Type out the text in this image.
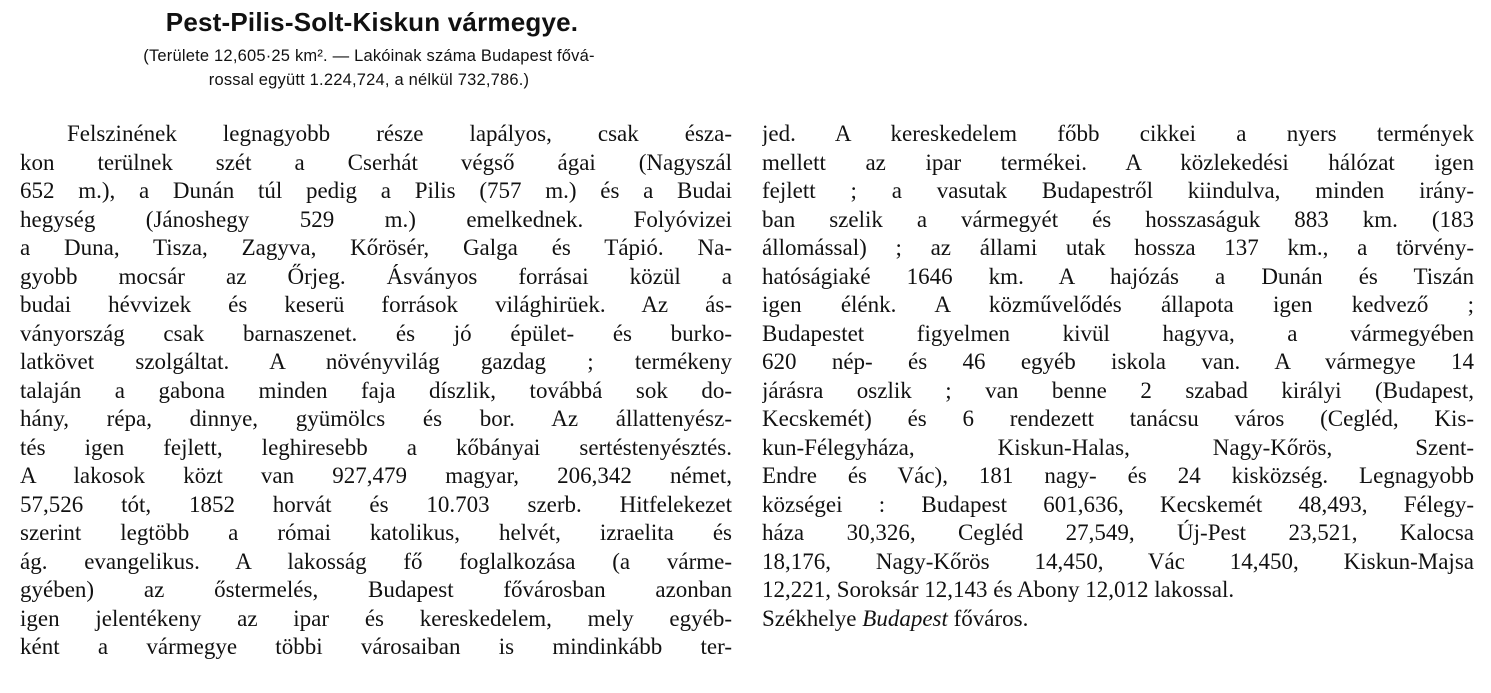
Pest-Pilis-Solt-Kiskun vármegye.
(Területe 12,605·25 km². — Lakóinak száma Budapest fővá-
rossal együtt 1.224,724, a nélkül 732,786.)
Felszinének legnagyobb része lapályos, csak észa-
kon terülnek szét a Cserhát végső ágai (Nagyszál
652 m.), a Dunán túl pedig a Pilis (757 m.) és a Budai
hegység (Jánoshegy 529 m.) emelkednek. Folyóvizei
a Duna, Tisza, Zagyva, Kőrösér, Galga és Tápió. Na-
gyobb mocsár az Őrjeg. Ásványos forrásai közül a
budai hévvizek és keserü források világhirüek. Az ás-
ványország csak barnaszenet. és jó épület- és burko-
latkövet szolgáltat. A növényvilág gazdag ; termékeny
talaján a gabona minden faja díszlik, továbbá sok do-
hány, répa, dinnye, gyümölcs és bor. Az állattenyész-
tés igen fejlett, leghiresebb a kőbányai sertéstenyésztés.
A lakosok közt van 927,479 magyar, 206,342 német,
57,526 tót, 1852 horvát és 10.703 szerb. Hitfelekezet
szerint legtöbb a római katolikus, helvét, izraelita és
ág. evangelikus. A lakosság fő foglalkozása (a várme-
gyében) az őstermelés, Budapest fővárosban azonban
igen jelentékeny az ipar és kereskedelem, mely egyéb-
ként a vármegye többi városaiban is mindinkább ter-
jed. A kereskedelem főbb cikkei a nyers termények
mellett az ipar termékei. A közlekedési hálózat igen
fejlett ; a vasutak Budapestről kiindulva, minden irány-
ban szelik a vármegyét és hosszaságuk 883 km. (183
állomással) ; az állami utak hossza 137 km., a törvény-
hatóságiaké 1646 km. A hajózás a Dunán és Tiszán
igen élénk. A közművelődés állapota igen kedvező ;
Budapestet figyelmen kivül hagyva, a vármegyében
620 nép- és 46 egyéb iskola van. A vármegye 14
járásra oszlik ; van benne 2 szabad királyi (Budapest,
Kecskemét) és 6 rendezett tanácsu város (Cegléd, Kis-
kun-Félegyháza, Kiskun-Halas, Nagy-Kőrös, Szent-
Endre és Vác), 181 nagy- és 24 kisközség. Legnagyobb
községei : Budapest 601,636, Kecskemét 48,493, Félegy-
háza 30,326, Cegléd 27,549, Új-Pest 23,521, Kalocsa
18,176, Nagy-Kőrös 14,450, Vác 14,450, Kiskun-Majsa
12,221, Soroksár 12,143 és Abony 12,012 lakossal.
Székhelye Budapest főváros.
